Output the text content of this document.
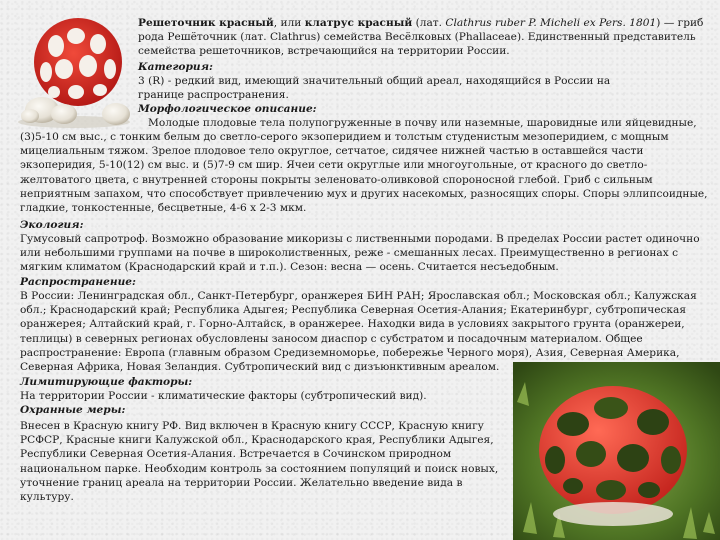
Решеточник красный, или клатрус красный (лат. Clathrus ruber P. Micheli ex Pers. 1801) — гриб рода Решёточник (лат. Clathrus) семейства Весёлковых (Phallaceae). Единственный представитель семейства решеточников, встречающийся на территории России.

Категория:

3 (R) - редкий вид, имеющий значительный общий ареал, находящийся в России на границе распространения.

Морфологическое описание:

Молодые плодовые тела полупогруженные в почву или наземные, шаровидные или яйцевидные,

(3)5-10 см выс., с тонким белым до светло-серого экзоперидием и толстым студенистым мезоперидием, с мощным мицелиальным тяжом. Зрелое плодовое тело округлое, сетчатое, сидячее нижней частью в оставшейся части экзоперидия, 5-10(12) см выс. и (5)7-9 см шир. Ячеи сети округлые или многоугольные, от красного до светло-желтоватого цвета, с внутренней стороны покрыты зеленовато-оливковой спороносной глебой. Гриб с сильным неприятным запахом, что способствует привлечению мух и других насекомых, разносящих споры. Споры эллипсоидные, гладкие, тонкостенные, бесцветные, 4-6 x 2-3 мкм.

Экология:

Гумусовый сапротроф. Возможно образование микоризы с лиственными породами. В пределах России растет одиночно или небольшими группами на почве в широколиственных, реже - смешанных лесах. Преимущественно в регионах с мягким климатом (Краснодарский край и т.п.). Сезон: весна — осень. Считается несъедобным.

Распространение:

В России: Ленинградская обл., Санкт-Петербург, оранжерея БИН РАН; Ярославская обл.; Московская обл.; Калужская обл.; Краснодарский край; Республика Адыгея; Республика Северная Осетия-Алания; Екатеринбург, субтропическая оранжерея; Алтайский край, г. Горно-Алтайск, в оранжерее. Находки вида в условиях закрытого грунта (оранжереи, теплицы) в северных регионах обусловлены заносом диаспор с субстратом и посадочным материалом. Общее распространение: Европа (главным образом Средиземноморье, побережье Черного моря), Азия, Северная Америка, Северная Африка, Новая Зеландия. Субтропический вид с дизъюнктивным ареалом.

Лимитирующие факторы:

На территории России - климатические факторы (субтропический вид).

Охранные меры:

Внесен в Красную книгу РФ. Вид включен в Красную книгу СССР, Красную книгу РСФСР, Красные книги Калужской обл., Краснодарского края, Республики Адыгея, Республики Северная Осетия-Алания. Встречается в Сочинском природном национальном парке. Необходим контроль за состоянием популяций и поиск новых, уточнение границ ареала на территории России. Желательно введение вида в культуру.
